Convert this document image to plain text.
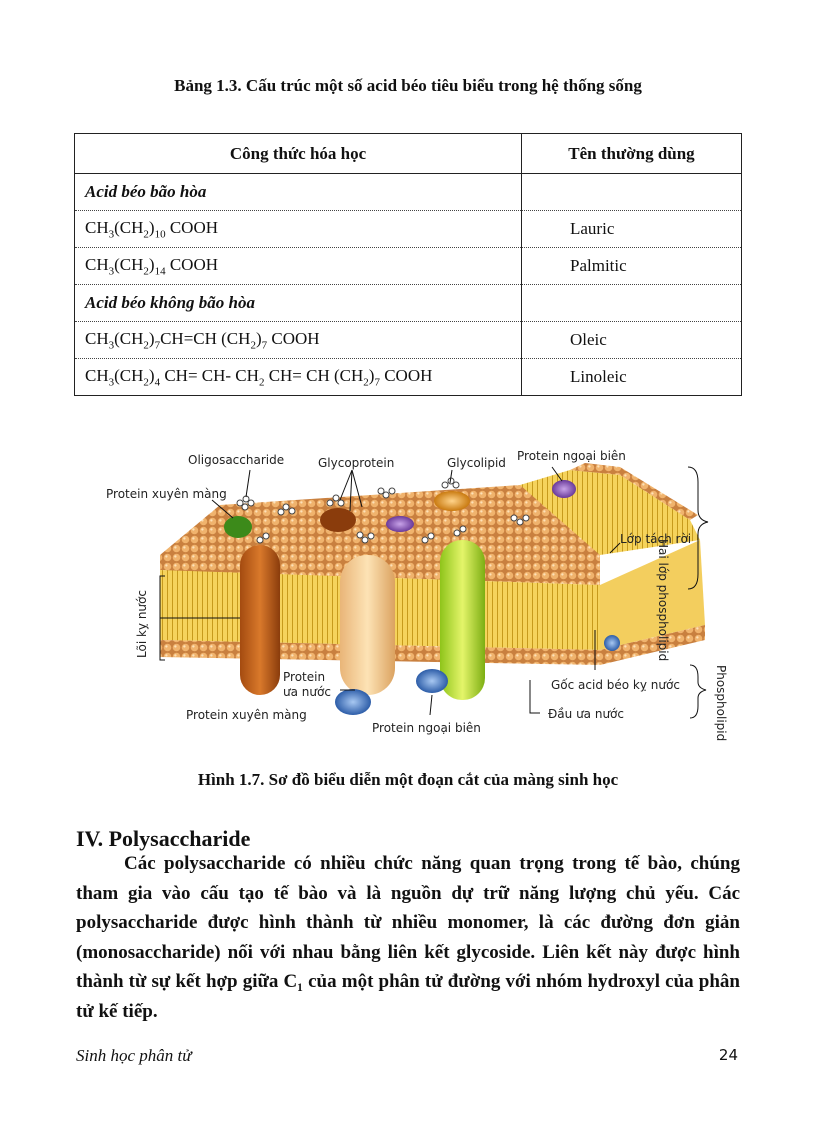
Bảng 1.3. Cấu trúc một số acid béo tiêu biểu trong hệ thống sống
Công thức hóa học	Tên thường dùng
Acid béo bão hòa	
$CH_3(CH_2)_{10}$ COOH	Lauric
$CH_3(CH_2)_{14}$ COOH	Palmitic
Acid béo không bão hòa	
$CH_3(CH_2)_7CH=CH$ $(CH_2)_7$ COOH	Oleic
$CH_3(CH_2)_4$ CH= CH- $CH_2$ CH= CH $(CH_2)_7$ COOH	Linoleic
Oligosaccharide	Glycoprotein	Glycolipid Protein ngoại biên
Protein xuyên màng
Lớp tách rời
Hai lớp phospholipid
Lõi kỵ nước
Protein
ưa nước	Gốc acid béo kỵ nước
Đầu ưa nước	Phospholipid
Protein xuyên màng
Protein ngoại biên
Hình 1.7. Sơ đồ biểu diễn một đoạn cắt của màng sinh học
IV. Polysaccharide
Các polysaccharide có nhiều chức năng quan trọng trong tế bào, chúng tham gia vào cấu tạo tế bào và là nguồn dự trữ năng lượng chủ yếu. Các polysaccharide được hình thành từ nhiều monomer, là các đường đơn giản (monosaccharide) nối với nhau bằng liên kết glycoside. Liên kết này được hình thành từ sự kết hợp giữa C₁ của một phân tử đường với nhóm hydroxyl của phân tử kế tiếp.
Sinh học phân tử	24
